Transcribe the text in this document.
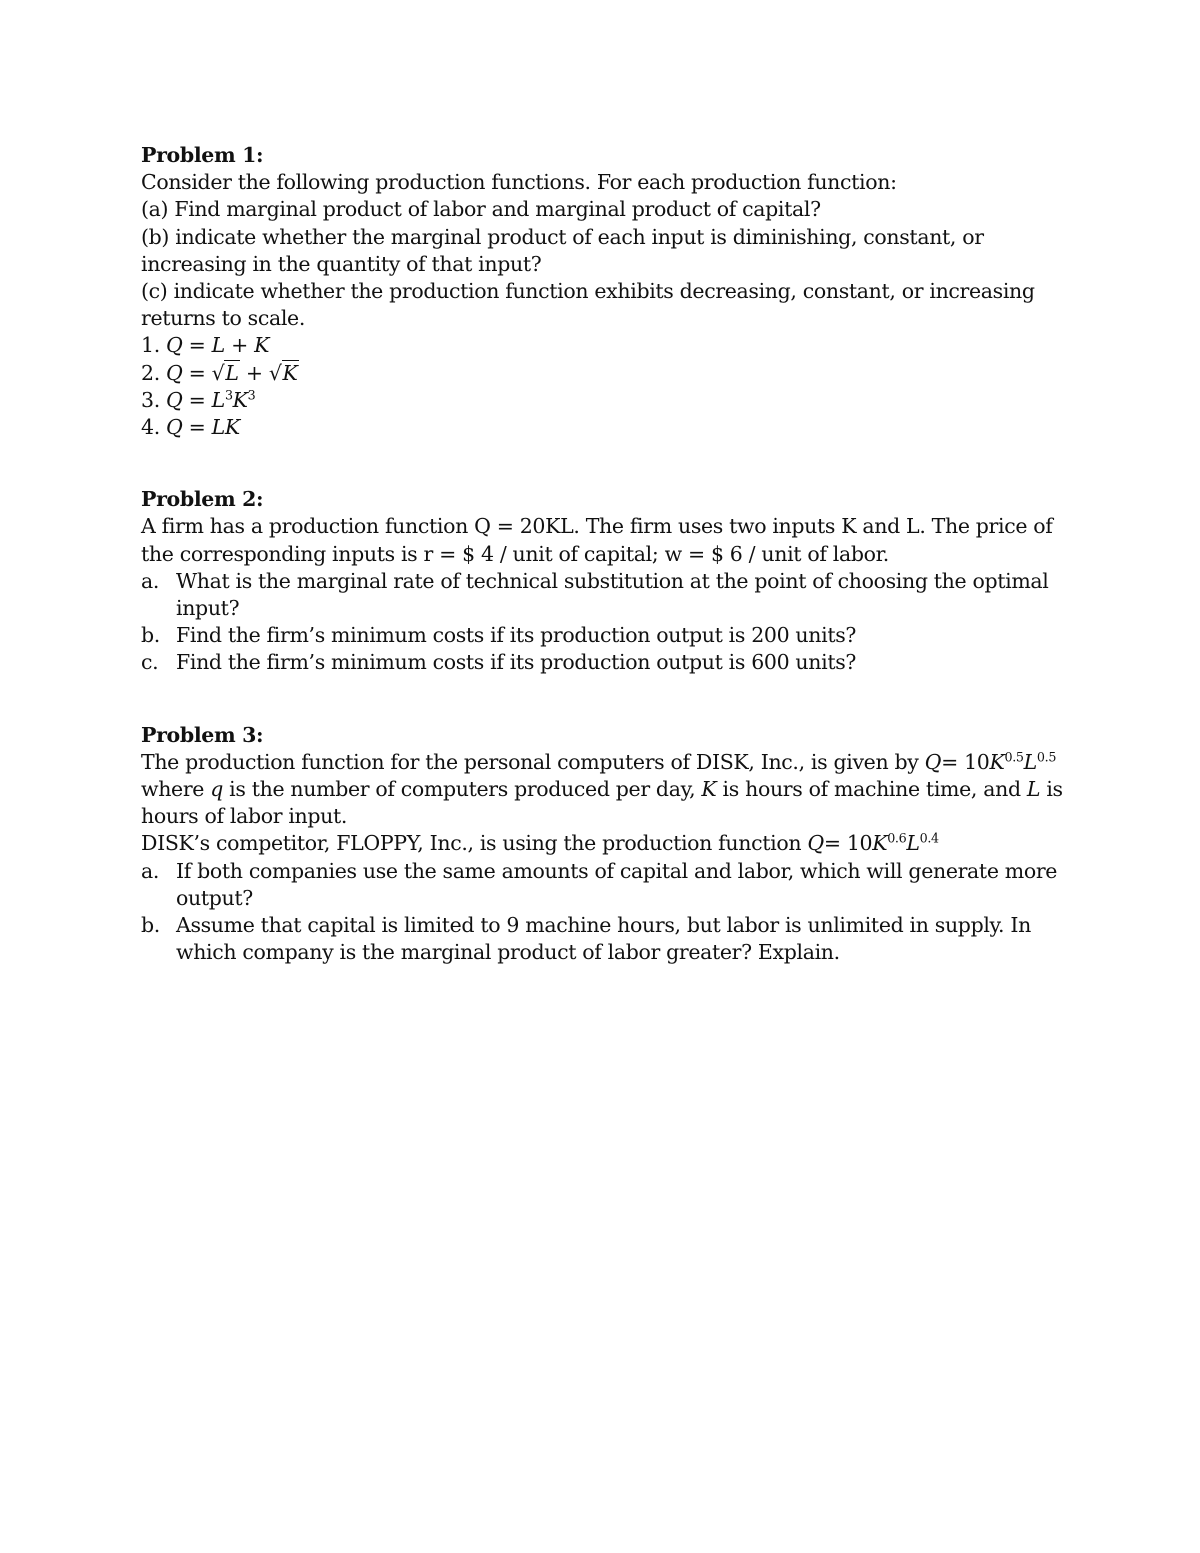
Problem 1:

Consider the following production functions. For each production function:

(a) Find marginal product of labor and marginal product of capital?

(b) indicate whether the marginal product of each input is diminishing, constant, or increasing in the quantity of that input?

(c) indicate whether the production function exhibits decreasing, constant, or increasing returns to scale.

1. Q = L + K
2. Q = √L + √K
3. $Q = L^3K^3$
4. Q = LK

Problem 2:

A firm has a production function Q = 20KL. The firm uses two inputs K and L. The price of the corresponding inputs is r = $ 4 / unit of capital; w = $ 6 / unit of labor.

a. What is the marginal rate of technical substitution at the point of choosing the optimal input?
b. Find the firm’s minimum costs if its production output is 200 units?
c. Find the firm’s minimum costs if its production output is 600 units?

Problem 3:

The production function for the personal computers of DISK, Inc., is given by $Q= 10K^{0.5}L^{0.5}$ where q is the number of computers produced per day, K is hours of machine time, and L is hours of labor input.

DISK’s competitor, FLOPPY, Inc., is using the production function $Q= 10K^{0.6}L^{0.4}$

a. If both companies use the same amounts of capital and labor, which will generate more output?
b. Assume that capital is limited to 9 machine hours, but labor is unlimited in supply. In which company is the marginal product of labor greater? Explain.
